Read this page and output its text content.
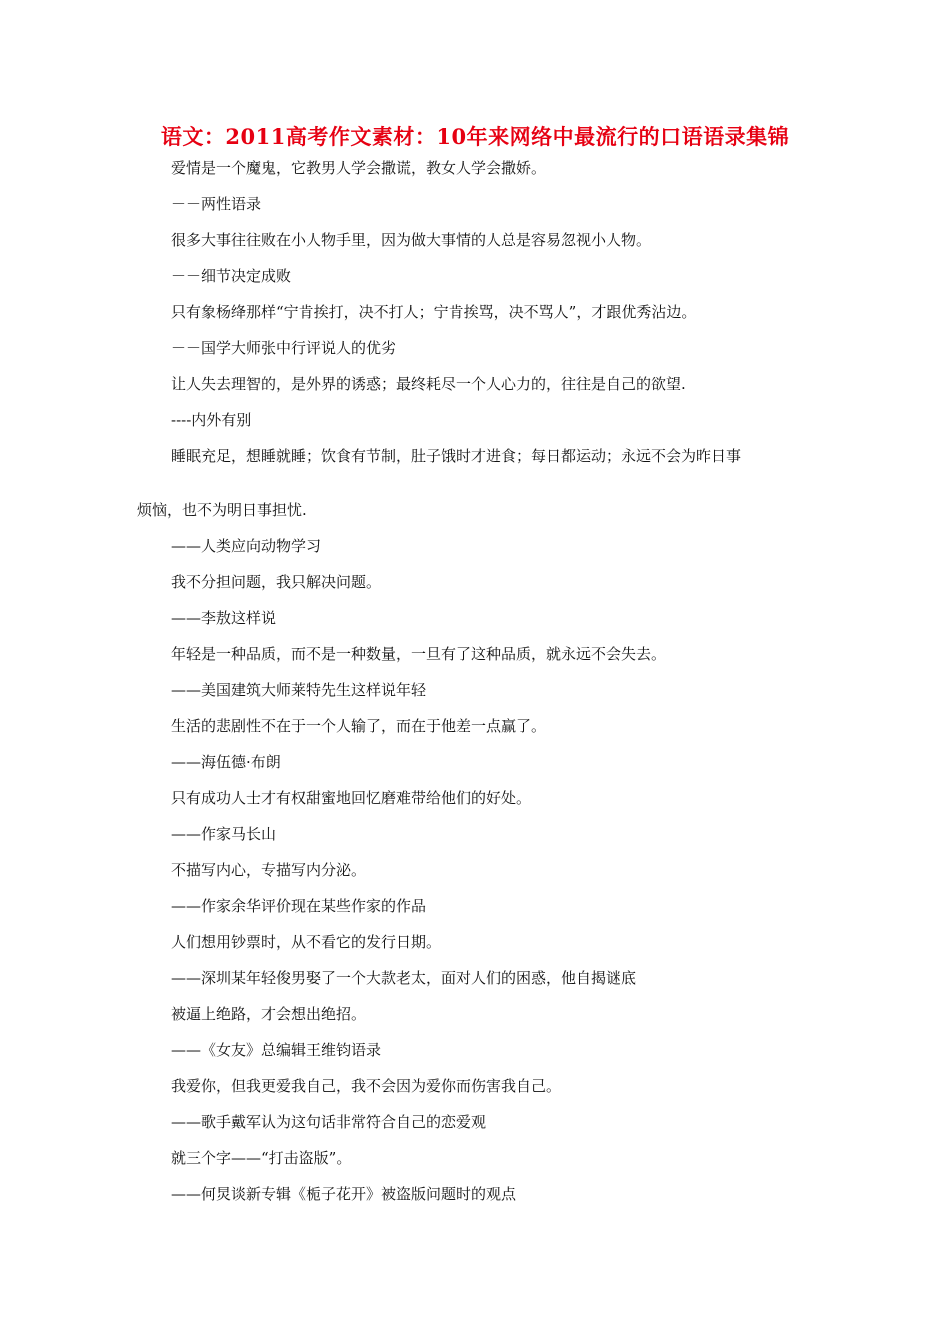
语文：2011高考作文素材：10年来网络中最流行的口语语录集锦
爱情是一个魔鬼，它教男人学会撒谎，教女人学会撒娇。
－－两性语录
很多大事往往败在小人物手里，因为做大事情的人总是容易忽视小人物。
－－细节决定成败
只有象杨绛那样“宁肯挨打，决不打人；宁肯挨骂，决不骂人”，才跟优秀沾边。
－－国学大师张中行评说人的优劣
让人失去理智的，是外界的诱惑；最终耗尽一个人心力的，往往是自己的欲望.
----内外有别
睡眠充足，想睡就睡；饮食有节制，肚子饿时才进食；每日都运动；永远不会为昨日事
烦恼，也不为明日事担忧.
——人类应向动物学习
我不分担问题，我只解决问题。
——李敖这样说
年轻是一种品质，而不是一种数量，一旦有了这种品质，就永远不会失去。
——美国建筑大师莱特先生这样说年轻
生活的悲剧性不在于一个人输了，而在于他差一点赢了。
——海伍德·布朗
只有成功人士才有权甜蜜地回忆磨难带给他们的好处。
——作家马长山
不描写内心，专描写内分泌。
——作家余华评价现在某些作家的作品
人们想用钞票时，从不看它的发行日期。
——深圳某年轻俊男娶了一个大款老太，面对人们的困惑，他自揭谜底
被逼上绝路，才会想出绝招。
——《女友》总编辑王维钧语录
我爱你，但我更爱我自己，我不会因为爱你而伤害我自己。
——歌手戴军认为这句话非常符合自己的恋爱观
就三个字——“打击盗版”。
——何炅谈新专辑《栀子花开》被盗版问题时的观点
